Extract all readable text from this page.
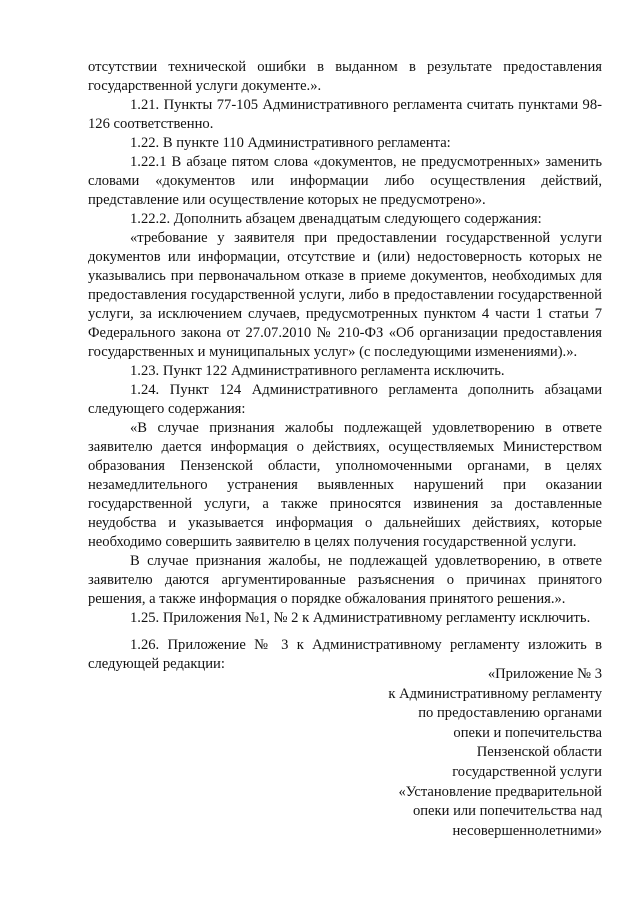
отсутствии технической ошибки в выданном в результате предоставления государственной услуги документе.».

1.21. Пункты 77-105 Административного регламента считать пунктами 98-126 соответственно.

1.22. В пункте 110 Административного регламента:

1.22.1 В абзаце пятом слова «документов, не предусмотренных» заменить словами «документов или информации либо осуществления действий, представление или осуществление которых не предусмотрено».

1.22.2. Дополнить абзацем двенадцатым следующего содержания:

«требование у заявителя при предоставлении государственной услуги документов или информации, отсутствие и (или) недостоверность которых не указывались при первоначальном отказе в приеме документов, необходимых для предоставления государственной услуги, либо в предоставлении государственной услуги, за исключением случаев, предусмотренных пунктом 4 части 1 статьи 7 Федерального закона от 27.07.2010 № 210-ФЗ «Об организации предоставления государственных и муниципальных услуг» (с последующими изменениями).».

1.23. Пункт 122 Административного регламента исключить.

1.24. Пункт 124 Административного регламента дополнить абзацами следующего содержания:

«В случае признания жалобы подлежащей удовлетворению в ответе заявителю дается информация о действиях, осуществляемых Министерством образования Пензенской области, уполномоченными органами, в целях незамедлительного устранения выявленных нарушений при оказании государственной услуги, а также приносятся извинения за доставленные неудобства и указывается информация о дальнейших действиях, которые необходимо совершить заявителю в целях получения государственной услуги.

В случае признания жалобы, не подлежащей удовлетворению, в ответе заявителю даются аргументированные разъяснения о причинах принятого решения, а также информация о порядке обжалования принятого решения.».

1.25. Приложения №1, № 2 к Административному регламенту исключить.

1.26. Приложение № 3 к Административному регламенту изложить в следующей редакции:

«Приложение № 3
к Административному регламенту
по предоставлению органами
опеки и попечительства
Пензенской области
государственной услуги
«Установление предварительной
опеки или попечительства над
несовершеннолетними»
